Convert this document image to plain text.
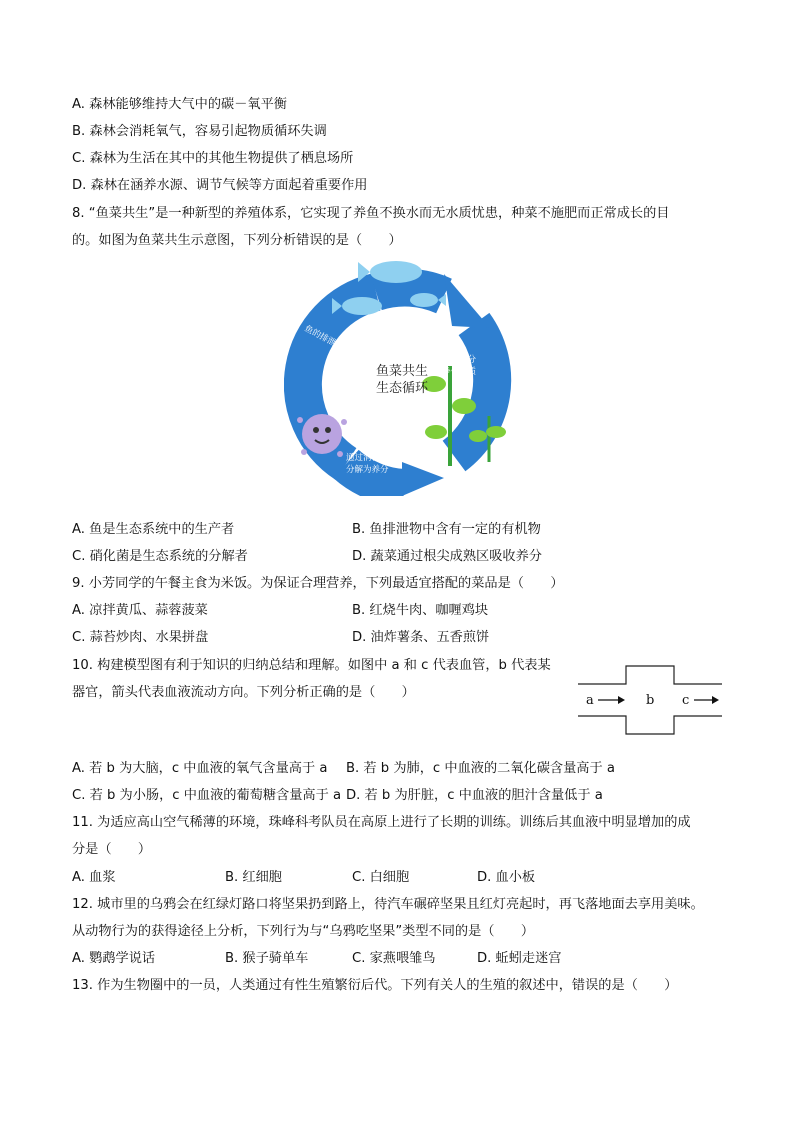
A. 森林能够维持大气中的碳－氧平衡
B. 森林会消耗氧气，容易引起物质循环失调
C. 森林为生活在其中的其他生物提供了栖息场所
D. 森林在涵养水源、调节气候等方面起着重要作用
8. “鱼菜共生”是一种新型的养殖体系，它实现了养鱼不换水而无水质忧患，种菜不施肥而正常成长的目
的。如图为鱼菜共生示意图，下列分析错误的是（　　）
鱼菜共生
生态循环
鱼的排泄物
吸收养分
净化水质
通过消化菌
分解为养分
A. 鱼是生态系统中的生产者	B. 鱼排泄物中含有一定的有机物
C. 硝化菌是生态系统的分解者	D. 蔬菜通过根尖成熟区吸收养分
9. 小芳同学的午餐主食为米饭。为保证合理营养，下列最适宜搭配的菜品是（　　）
A. 凉拌黄瓜、蒜蓉菠菜	B. 红烧牛肉、咖喱鸡块
C. 蒜苔炒肉、水果拼盘	D. 油炸薯条、五香煎饼
10. 构建模型图有利于知识的归纳总结和理解。如图中 a 和 c 代表血管，b 代表某
器官，箭头代表血液流动方向。下列分析正确的是（　　）
a	b c
A. 若 b 为大脑，c 中血液的氧气含量高于 a B. 若 b 为肺，c 中血液的二氧化碳含量高于 a
C. 若 b 为小肠，c 中血液的葡萄糖含量高于 a D. 若 b 为肝脏，c 中血液的胆汁含量低于 a
11. 为适应高山空气稀薄的环境，珠峰科考队员在高原上进行了长期的训练。训练后其血液中明显增加的成
分是（　　）
A. 血浆	B. 红细胞	C. 白细胞	D. 血小板
12. 城市里的乌鸦会在红绿灯路口将坚果扔到路上，待汽车碾碎坚果且红灯亮起时，再飞落地面去享用美味。
从动物行为的获得途径上分析，下列行为与“乌鸦吃坚果”类型不同的是（　　）
A. 鹦鹉学说话	B. 猴子骑单车	C. 家燕喂雏鸟	D. 蚯蚓走迷宫
13. 作为生物圈中的一员，人类通过有性生殖繁衍后代。下列有关人的生殖的叙述中，错误的是（　　）
